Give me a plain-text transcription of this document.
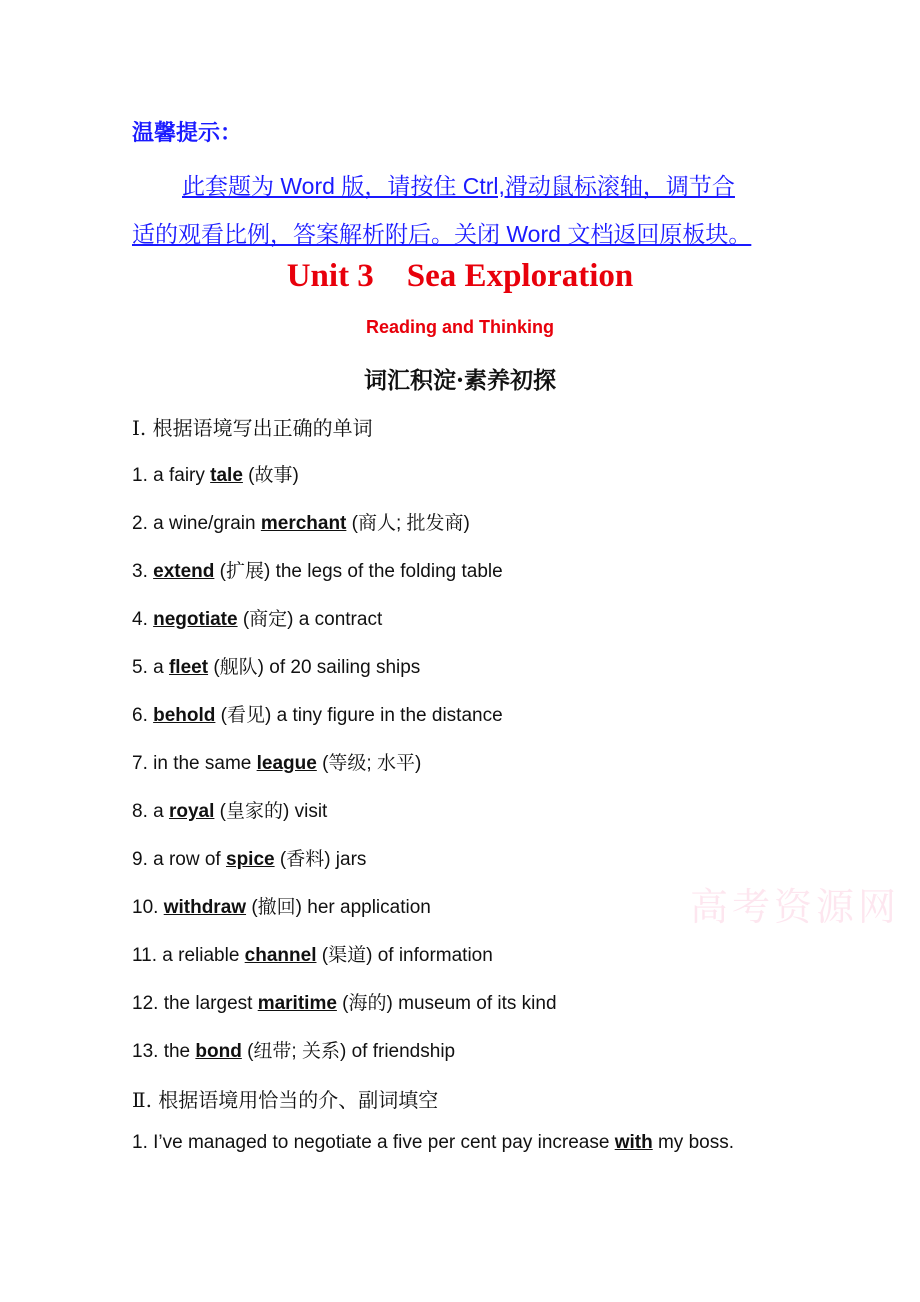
温馨提示：
此套题为 Word 版，请按住 Ctrl,滑动鼠标滚轴，调节合
适的观看比例，答案解析附后。关闭 Word 文档返回原板块。
Unit 3    Sea Exploration
Reading and Thinking
词汇积淀·素养初探
Ⅰ. 根据语境写出正确的单词
1. a fairy tale (故事)
2. a wine/grain merchant (商人; 批发商)
3. extend (扩展) the legs of the folding table
4. negotiate (商定) a contract
5. a fleet (舰队) of 20 sailing ships
6. behold (看见) a tiny figure in the distance
7. in the same league (等级; 水平)
8. a royal (皇家的) visit
9. a row of spice (香料) jars
10. withdraw (撤回) her application
11. a reliable channel (渠道) of information
12. the largest maritime (海的) museum of its kind
13. the bond (纽带; 关系) of friendship
Ⅱ. 根据语境用恰当的介、副词填空
1. I’ve managed to negotiate a five per cent pay increase with my boss.
高考资源网
